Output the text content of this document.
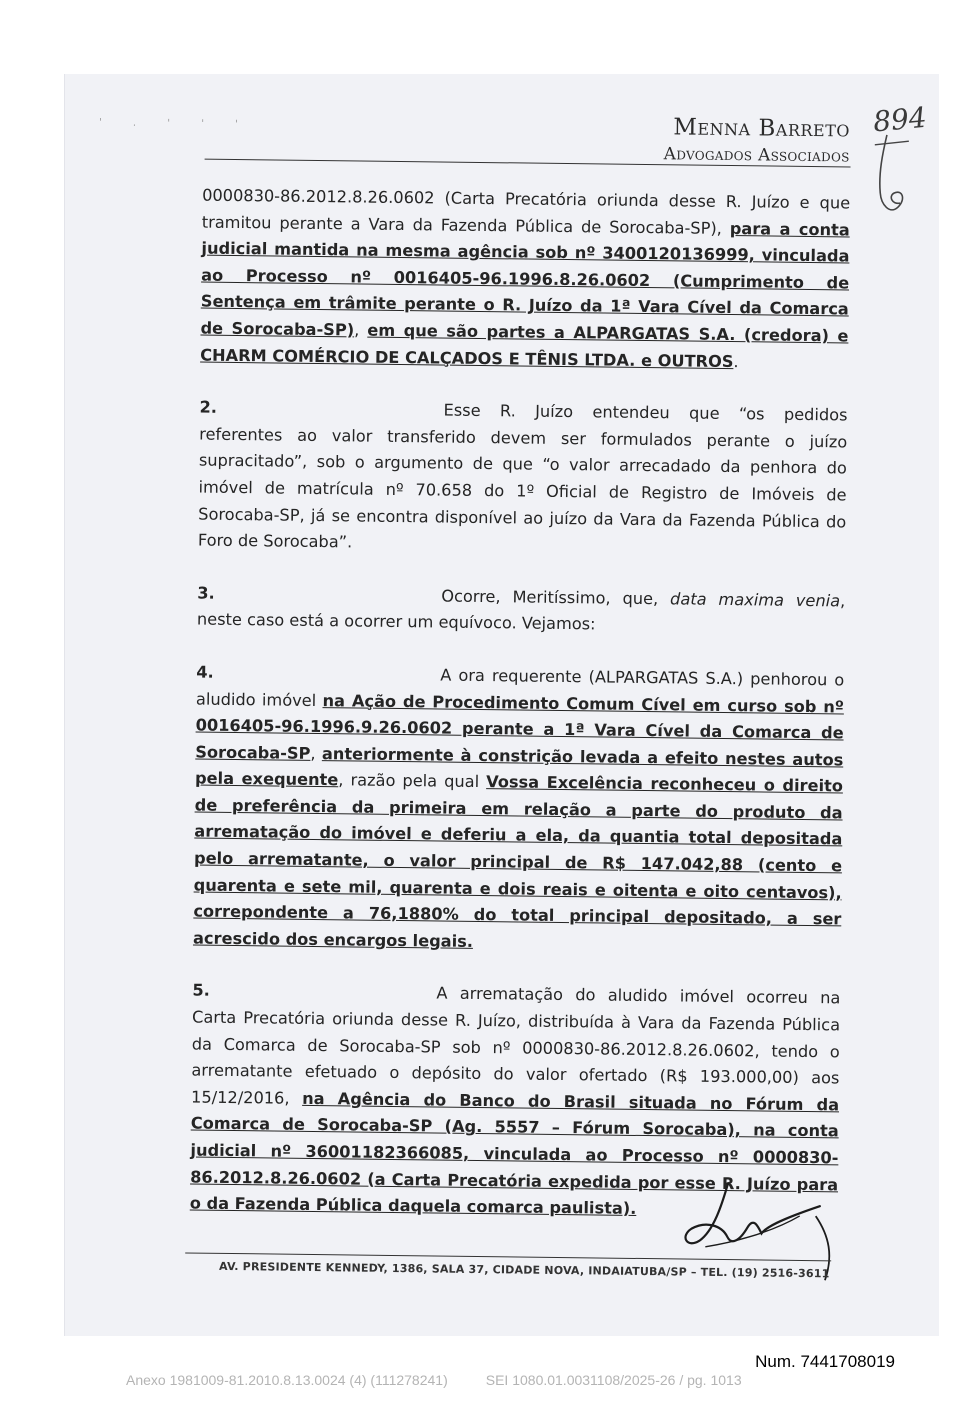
' . ' ' '	Menna Barreto
Advogados Associados
894

0000830-86.2012.8.26.0602 (Carta Precatória oriunda desse R. Juízo e que tramitou perante a Vara da Fazenda Pública de Sorocaba-SP), para a conta judicial mantida na mesma agência sob nº 3400120136999, vinculada ao Processo nº 0016405-96.1996.8.26.0602 (Cumprimento de Sentença em trâmite perante o R. Juízo da 1ª Vara Cível da Comarca de Sorocaba-SP), em que são partes a ALPARGATAS S.A. (credora) e CHARM COMÉRCIO DE CALÇADOS E TÊNIS LTDA. e OUTROS.

2.	Esse R. Juízo entendeu que “os pedidos referentes ao valor transferido devem ser formulados perante o juízo supracitado”, sob o argumento de que “o valor arrecadado da penhora do imóvel de matrícula nº 70.658 do 1º Oficial de Registro de Imóveis de Sorocaba-SP, já se encontra disponível ao juízo da Vara da Fazenda Pública do Foro de Sorocaba”.

3.	Ocorre, Meritíssimo, que, data maxima venia, neste caso está a ocorrer um equívoco. Vejamos:

4.	A ora requerente (ALPARGATAS S.A.) penhorou o aludido imóvel na Ação de Procedimento Comum Cível em curso sob nº 0016405-96.1996.9.26.0602 perante a 1ª Vara Cível da Comarca de Sorocaba-SP, anteriormente à constrição levada a efeito nestes autos pela exequente, razão pela qual Vossa Excelência reconheceu o direito de preferência da primeira em relação a parte do produto da arrematação do imóvel e deferiu a ela, da quantia total depositada pelo arrematante, o valor principal de R$ 147.042,88 (cento e quarenta e sete mil, quarenta e dois reais e oitenta e oito centavos), correpondente a 76,1880% do total principal depositado, a ser acrescido dos encargos legais.

5.	A arrematação do aludido imóvel ocorreu na Carta Precatória oriunda desse R. Juízo, distribuída à Vara da Fazenda Pública da Comarca de Sorocaba-SP sob nº 0000830-86.2012.8.26.0602, tendo o arrematante efetuado o depósito do valor ofertado (R$ 193.000,00) aos 15/12/2016, na Agência do Banco do Brasil situada no Fórum da Comarca de Sorocaba-SP (Ag. 5557 – Fórum Sorocaba), na conta judicial nº 36001182366085, vinculada ao Processo nº 0000830-86.2012.8.26.0602 (a Carta Precatória expedida por esse R. Juízo para o da Fazenda Pública daquela comarca paulista).

AV. PRESIDENTE KENNEDY, 1386, SALA 37, CIDADE NOVA, INDAIATUBA/SP – TEL. (19) 2516-3611
Num. 7441708019
Anexo 1981009-81.2010.8.13.0024 (4) (111278241)	SEI 1080.01.0031108/2025-26 / pg. 1013
